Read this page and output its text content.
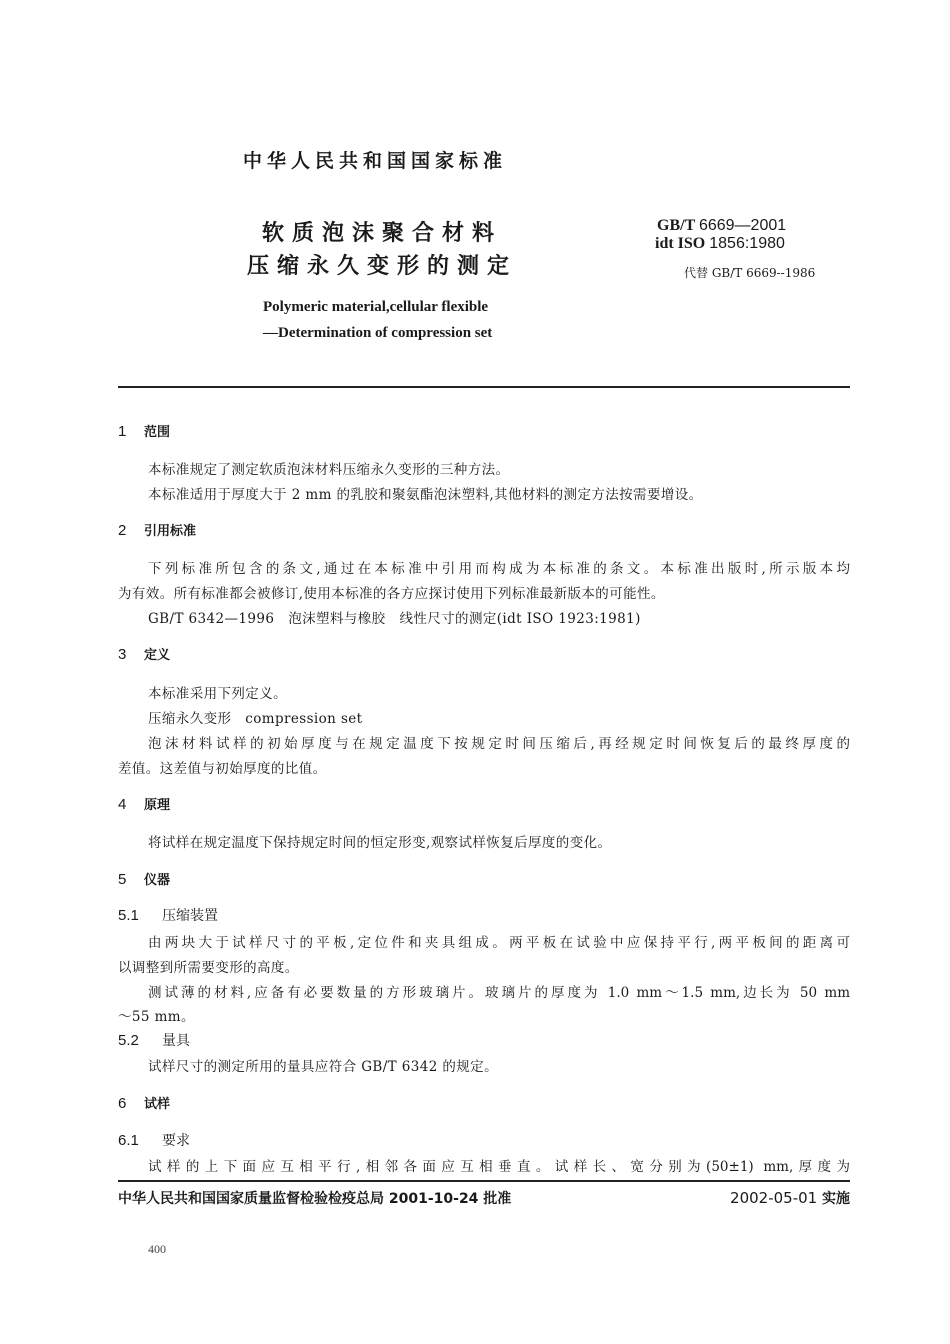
中华人民共和国国家标准
软质泡沫聚合材料
压缩永久变形的测定
GB/T 6669—2001
idt ISO 1856:1980
代替 GB/T 6669--1986
Polymeric material,cellular flexible
—Determination of compression set
1 范围
本标准规定了测定软质泡沫材料压缩永久变形的三种方法。
本标准适用于厚度大于 2 mm 的乳胶和聚氨酯泡沫塑料,其他材料的测定方法按需要增设。
2 引用标准
下列标准所包含的条文,通过在本标准中引用而构成为本标准的条文。本标准出版时,所示版本均
为有效。所有标准都会被修订,使用本标准的各方应探讨使用下列标准最新版本的可能性。
GB/T 6342—1996　泡沫塑料与橡胶　线性尺寸的测定(idt ISO 1923:1981)
3 定义
本标准采用下列定义。
压缩永久变形　compression set
泡沫材料试样的初始厚度与在规定温度下按规定时间压缩后,再经规定时间恢复后的最终厚度的
差值。这差值与初始厚度的比值。
4 原理
将试样在规定温度下保持规定时间的恒定形变,观察试样恢复后厚度的变化。
5 仪器
5.1 压缩装置
由两块大于试样尺寸的平板,定位件和夹具组成。两平板在试验中应保持平行,两平板间的距离可
以调整到所需要变形的高度。
测试薄的材料,应备有必要数量的方形玻璃片。玻璃片的厚度为 1.0 mm～1.5 mm,边长为 50 mm
～55 mm。
5.2 量具
试样尺寸的测定所用的量具应符合 GB/T 6342 的规定。
6 试样
6.1 要求
试样的上下面应互相平行,相邻各面应互相垂直。试样长、宽分别为(50±1) mm,厚度为
中华人民共和国国家质量监督检验检疫总局 2001-10-24 批准	2002-05-01 实施
400
